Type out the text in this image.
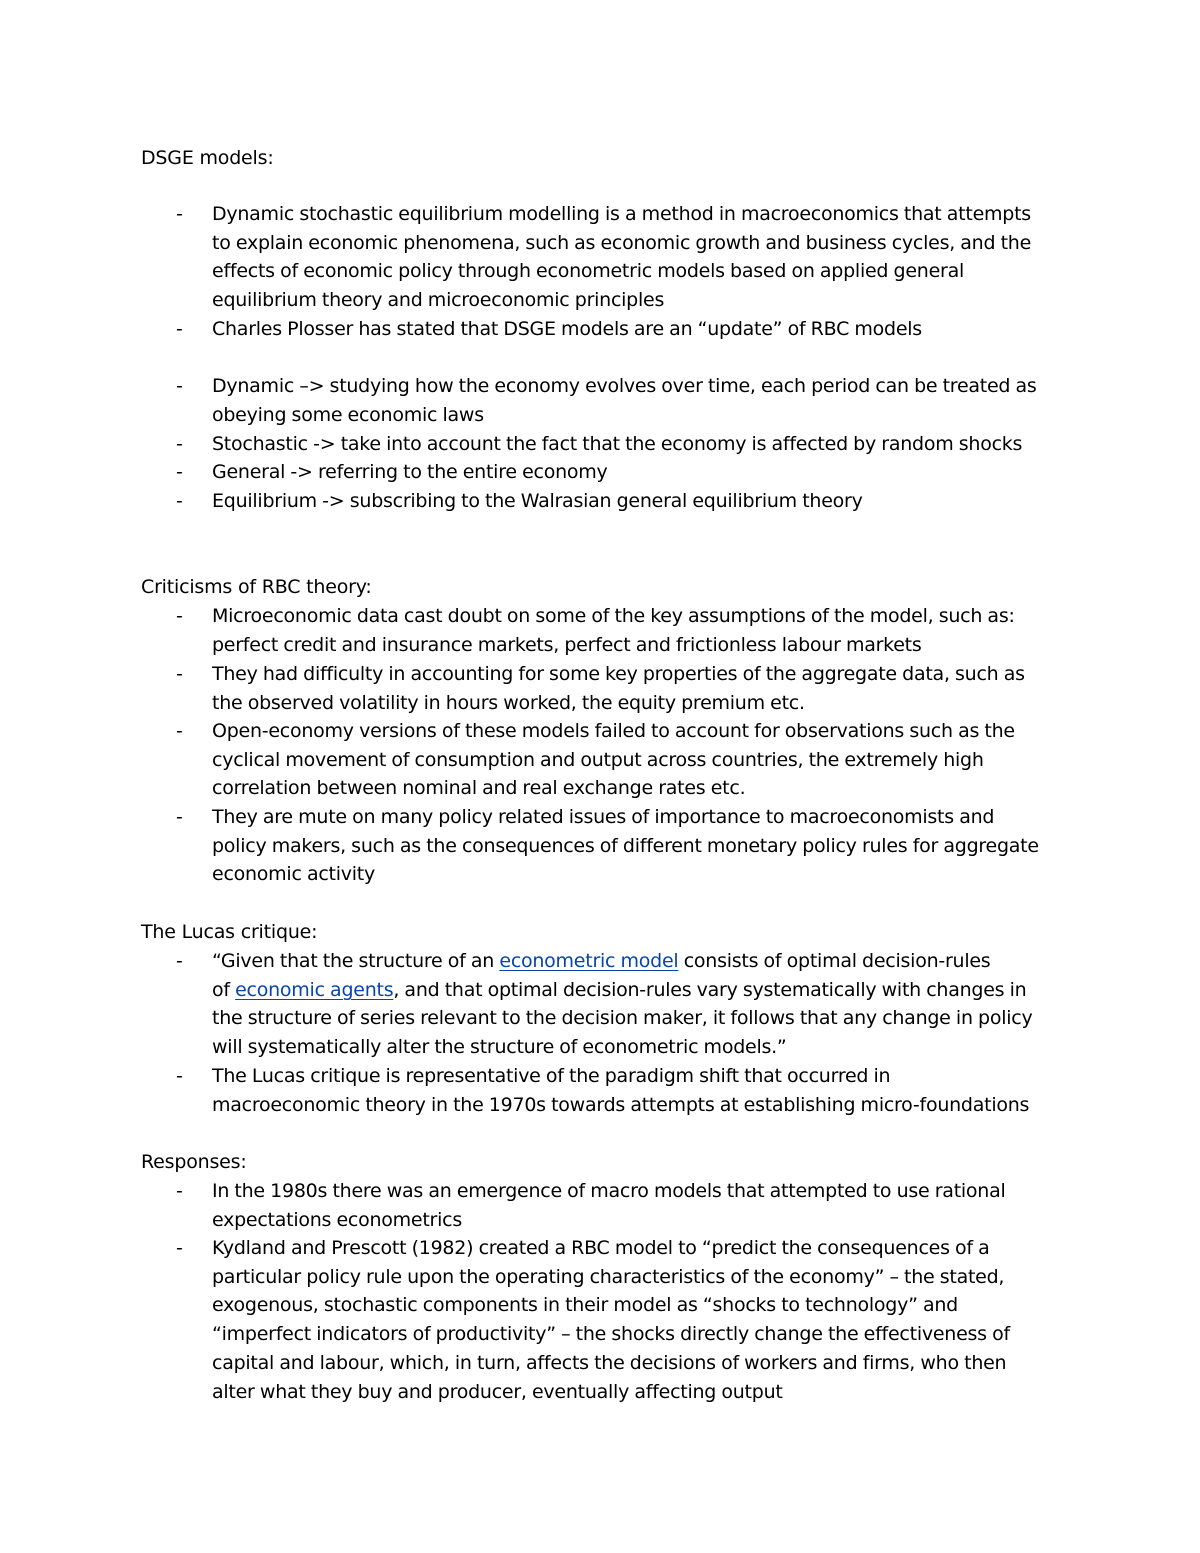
DSGE models:
- Dynamic stochastic equilibrium modelling is a method in macroeconomics that attempts
to explain economic phenomena, such as economic growth and business cycles, and the
effects of economic policy through econometric models based on applied general
equilibrium theory and microeconomic principles
- Charles Plosser has stated that DSGE models are an “update” of RBC models
- Dynamic –> studying how the economy evolves over time, each period can be treated as
obeying some economic laws
- Stochastic -> take into account the fact that the economy is affected by random shocks
- General -> referring to the entire economy
- Equilibrium -> subscribing to the Walrasian general equilibrium theory
Criticisms of RBC theory:
- Microeconomic data cast doubt on some of the key assumptions of the model, such as:
perfect credit and insurance markets, perfect and frictionless labour markets
- They had difficulty in accounting for some key properties of the aggregate data, such as
the observed volatility in hours worked, the equity premium etc.
- Open-economy versions of these models failed to account for observations such as the
cyclical movement of consumption and output across countries, the extremely high
correlation between nominal and real exchange rates etc.
- They are mute on many policy related issues of importance to macroeconomists and
policy makers, such as the consequences of different monetary policy rules for aggregate
economic activity
The Lucas critique:
- “Given that the structure of an econometric model consists of optimal decision-rules
of economic agents, and that optimal decision-rules vary systematically with changes in
the structure of series relevant to the decision maker, it follows that any change in policy
will systematically alter the structure of econometric models.”
- The Lucas critique is representative of the paradigm shift that occurred in
macroeconomic theory in the 1970s towards attempts at establishing micro-foundations
Responses:
- In the 1980s there was an emergence of macro models that attempted to use rational
expectations econometrics
- Kydland and Prescott (1982) created a RBC model to “predict the consequences of a
particular policy rule upon the operating characteristics of the economy” – the stated,
exogenous, stochastic components in their model as “shocks to technology” and
“imperfect indicators of productivity” – the shocks directly change the effectiveness of
capital and labour, which, in turn, affects the decisions of workers and firms, who then
alter what they buy and producer, eventually affecting output
